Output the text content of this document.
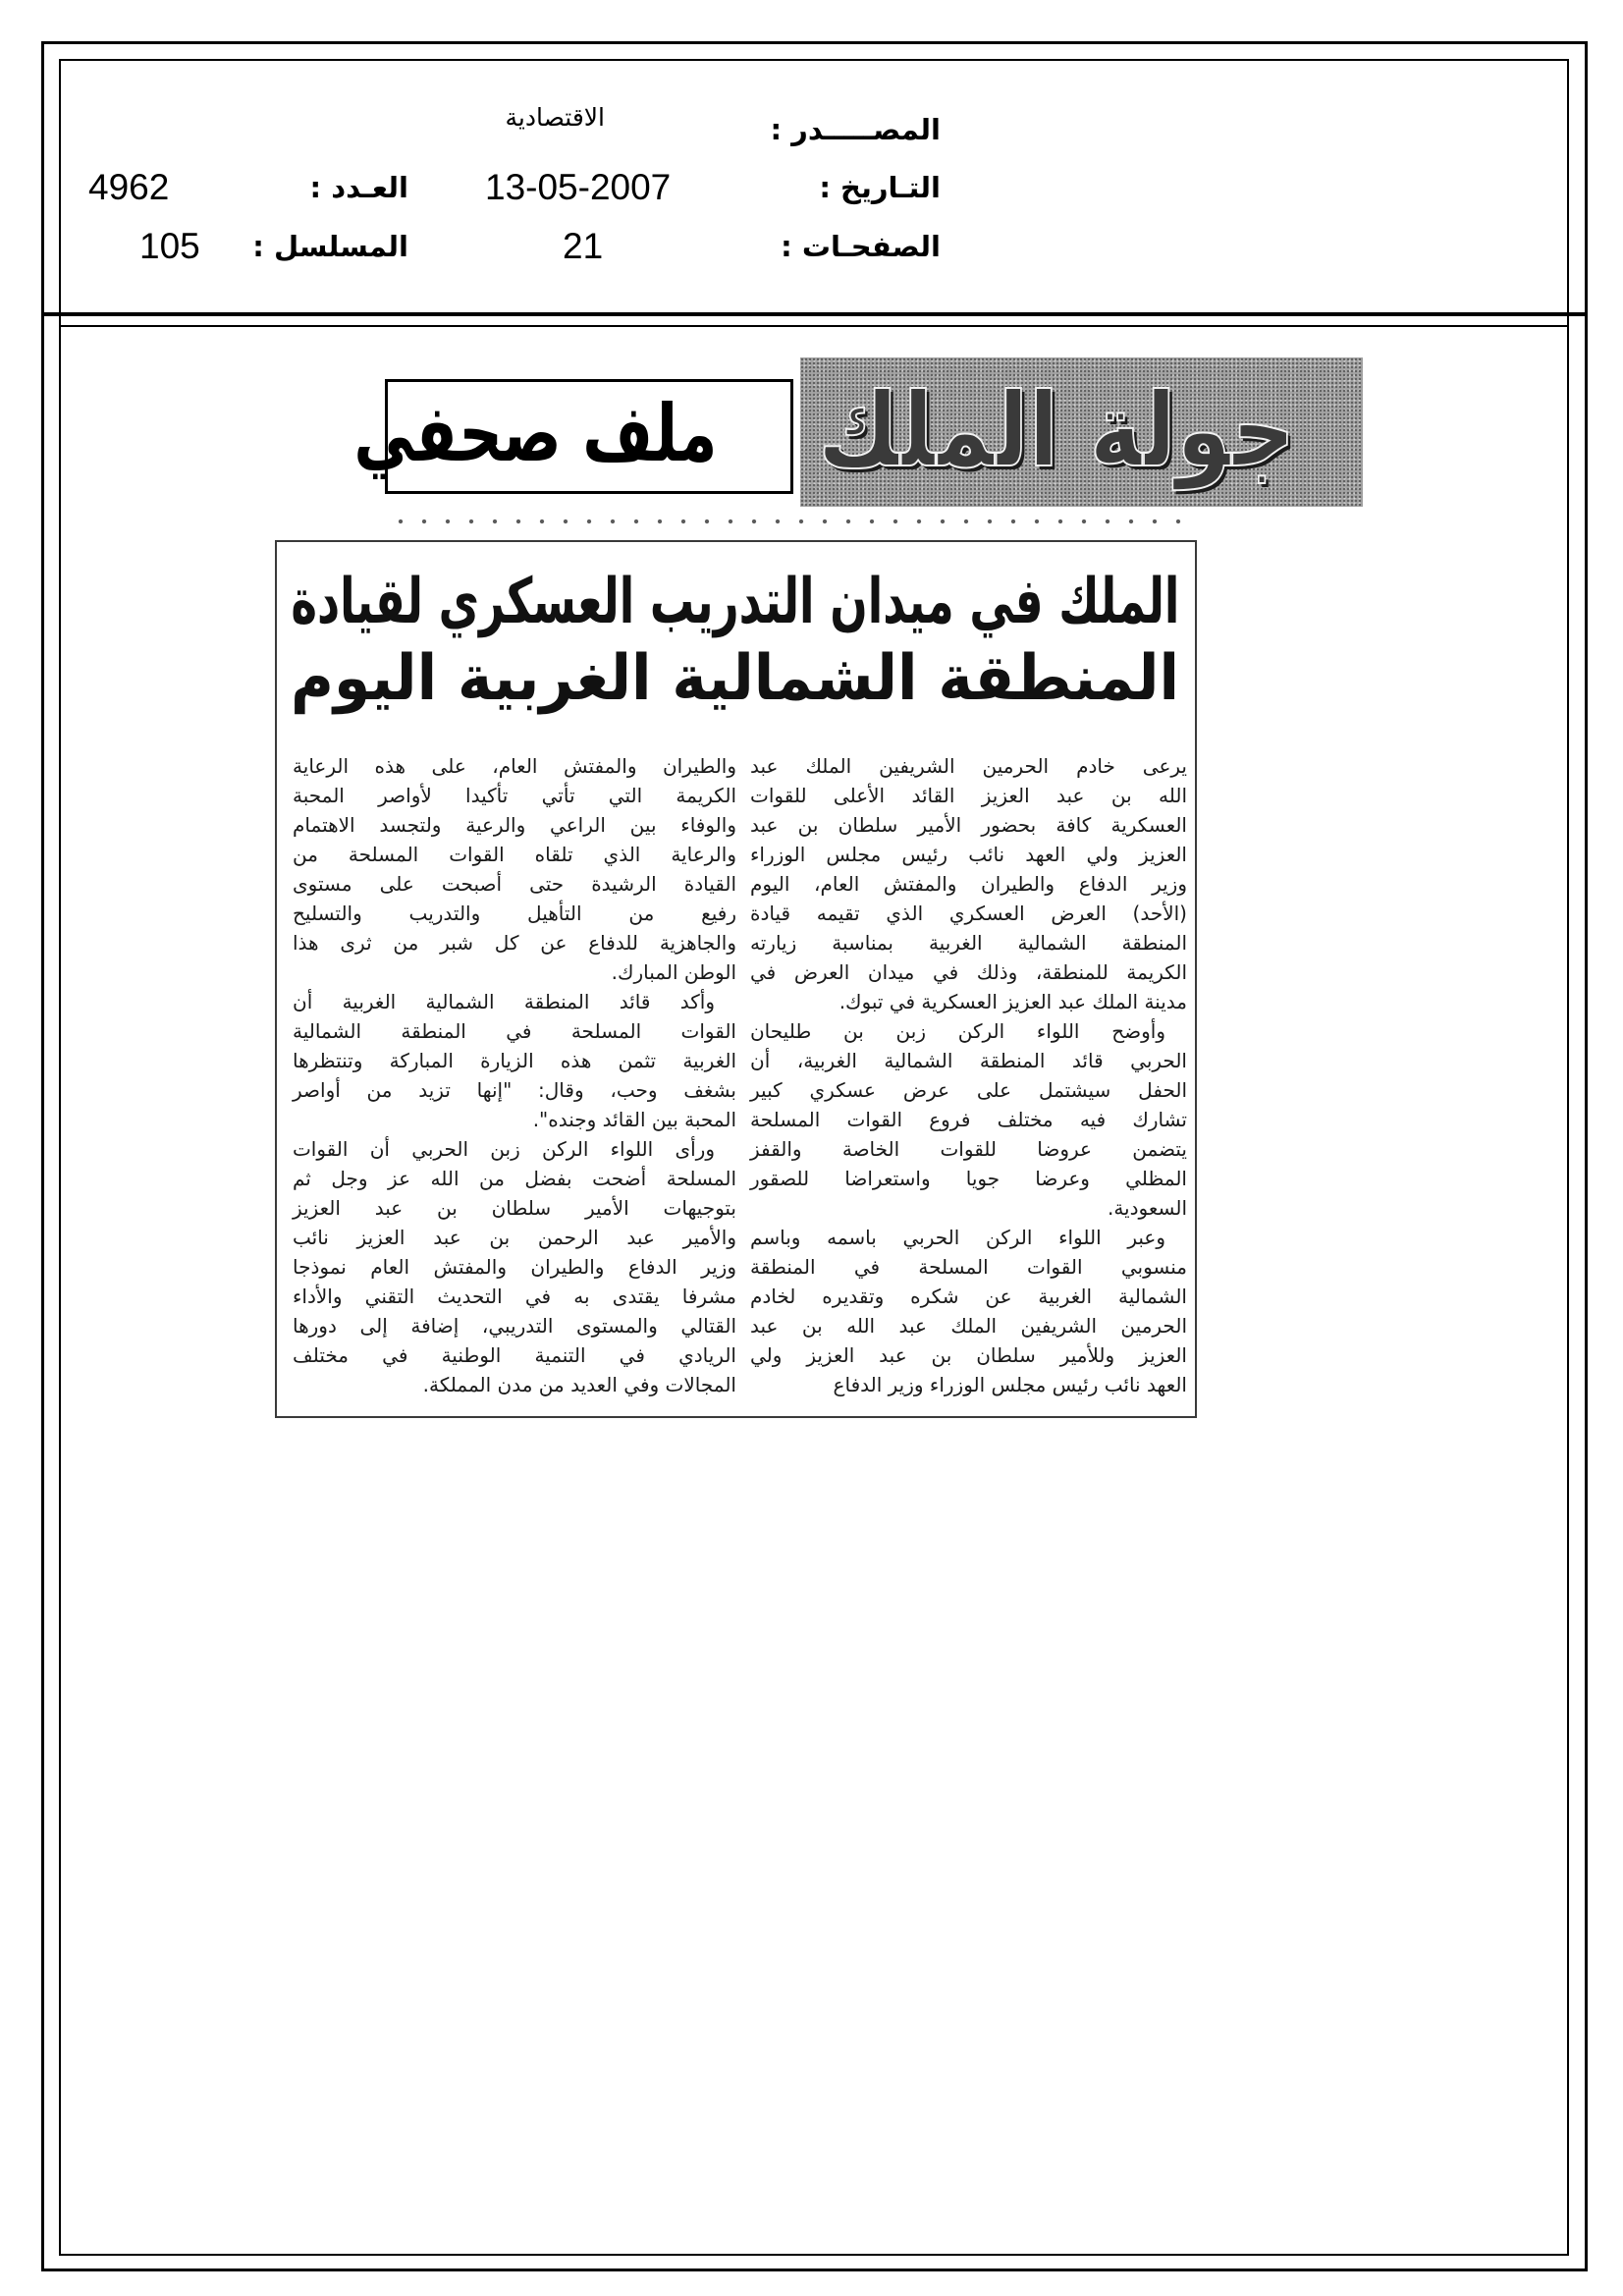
المصـــــدر :
الاقتصادية
التـاريخ :
13-05-2007
العـدد :
4962
الصفحـات :
21
المسلسل :
105
جولة الملك
ملف صحفي
الملك في ميدان التدريب العسكري لقيادة
المنطقة الشمالية الغربية اليوم
يرعى خادم الحرمين الشريفين الملك عبد
الله بن عبد العزيز القائد الأعلى للقوات
العسكرية كافة بحضور الأمير سلطان بن عبد
العزيز ولي العهد نائب رئيس مجلس الوزراء
وزير الدفاع والطيران والمفتش العام، اليوم
(الأحد) العرض العسكري الذي تقيمه قيادة
المنطقة الشمالية الغربية بمناسبة زيارته
الكريمة للمنطقة، وذلك في ميدان العرض في
مدينة الملك عبد العزيز العسكرية في تبوك.
وأوضح اللواء الركن زبن بن طليحان
الحربي قائد المنطقة الشمالية الغربية، أن
الحفل سيشتمل على عرض عسكري كبير
تشارك فيه مختلف فروع القوات المسلحة
يتضمن عروضا للقوات الخاصة والقفز
المظلي وعرضا جويا واستعراضا للصقور
السعودية.
وعبر اللواء الركن الحربي باسمه وباسم
منسوبي القوات المسلحة في المنطقة
الشمالية الغربية عن شكره وتقديره لخادم
الحرمين الشريفين الملك عبد الله بن عبد
العزيز وللأمير سلطان بن عبد العزيز ولي
العهد نائب رئيس مجلس الوزراء وزير الدفاع
والطيران والمفتش العام، على هذه الرعاية
الكريمة التي تأتي تأكيدا لأواصر المحبة
والوفاء بين الراعي والرعية ولتجسد الاهتمام
والرعاية الذي تلقاه القوات المسلحة من
القيادة الرشيدة حتى أصبحت على مستوى
رفيع من التأهيل والتدريب والتسليح
والجاهزية للدفاع عن كل شبر من ثرى هذا
الوطن المبارك.
وأكد قائد المنطقة الشمالية الغربية أن
القوات المسلحة في المنطقة الشمالية
الغربية تثمن هذه الزيارة المباركة وتنتظرها
بشغف وحب، وقال: "إنها تزيد من أواصر
المحبة بين القائد وجنده".
ورأى اللواء الركن زبن الحربي أن القوات
المسلحة أضحت بفضل من الله عز وجل ثم
بتوجيهات الأمير سلطان بن عبد العزيز
والأمير عبد الرحمن بن عبد العزيز نائب
وزير الدفاع والطيران والمفتش العام نموذجا
مشرفا يقتدى به في التحديث التقني والأداء
القتالي والمستوى التدريبي، إضافة إلى دورها
الريادي في التنمية الوطنية في مختلف
المجالات وفي العديد من مدن المملكة.
